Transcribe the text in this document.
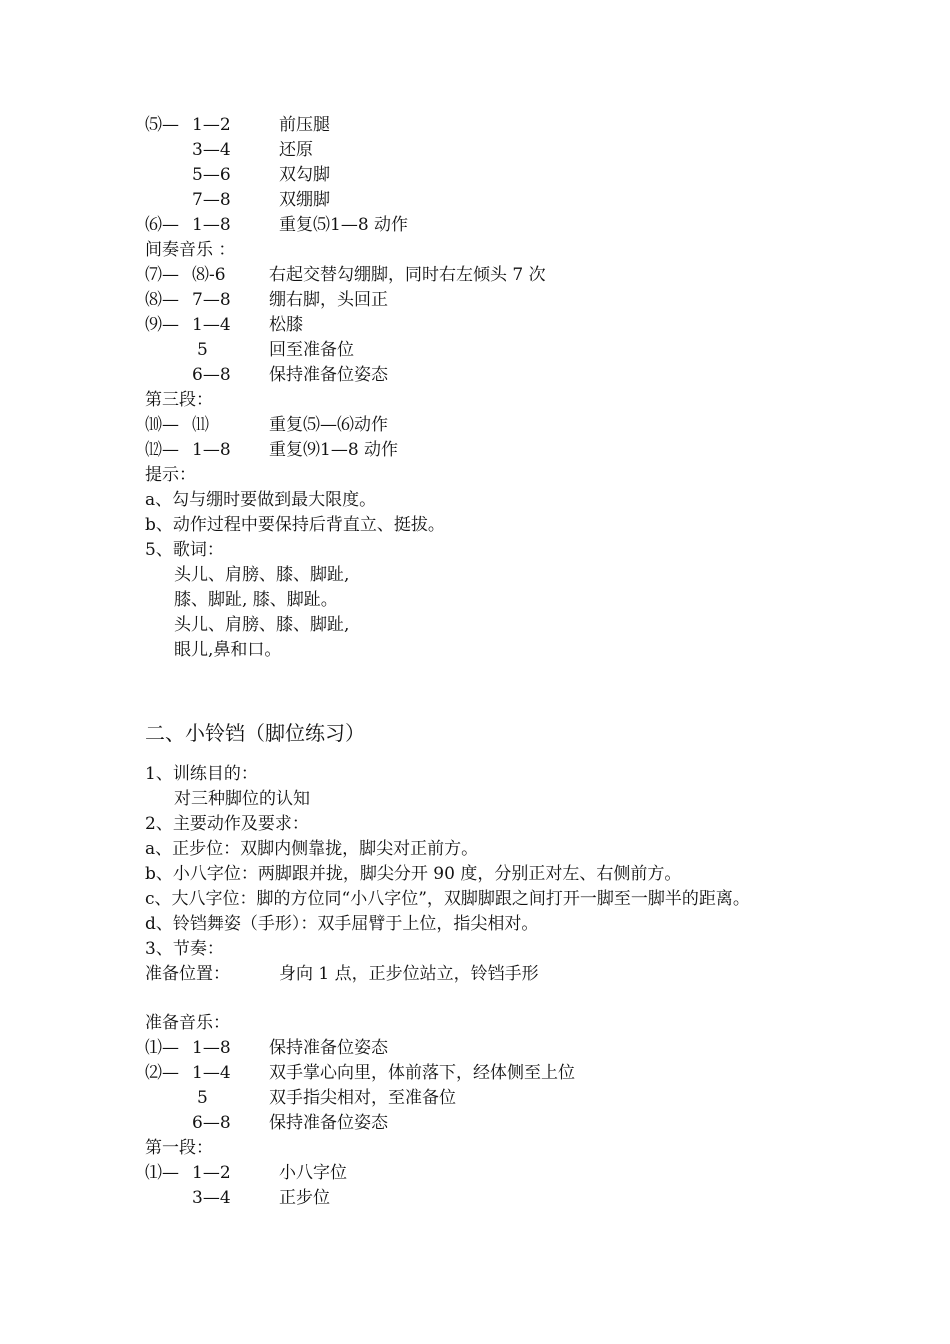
⑸— 1—2	前压腿
3—4	还原
5—6	双勾脚
7—8	双绷脚
⑹— 1—8	重复⑸1—8 动作
间奏音乐 ：
⑺— ⑻-6	右起交替勾绷脚，同时右左倾头 7 次
⑻— 7—8 绷右脚，头回正
⑼— 1—4 松膝
5	回至准备位
6—8 保持准备位姿态
第三段：
⑽— ⑾	重复⑸—⑹动作
⑿— 1—8 重复⑼1—8 动作
提示：
a、勾与绷时要做到最大限度。
b、动作过程中要保持后背直立、挺拔。
5、歌词：
头儿、肩膀、膝、脚趾,
膝、脚趾, 膝、脚趾。
头儿、肩膀、膝、脚趾,
眼儿,鼻和口。
二、小铃铛（脚位练习）
1、训练目的：
对三种脚位的认知
2、主要动作及要求：
a、正步位：双脚内侧靠拢，脚尖对正前方。
b、小八字位：两脚跟并拢，脚尖分开 90 度，分别正对左、右侧前方。
c、大八字位：脚的方位同“小八字位”，双脚脚跟之间打开一脚至一脚半的距离。
d、铃铛舞姿（手形）：双手屈臂于上位，指尖相对。
3、节奏：
准备位置：	身向 1 点，正步位站立，铃铛手形
准备音乐：
⑴— 1—8 保持准备位姿态
⑵— 1—4 双手掌心向里，体前落下，经体侧至上位
5	双手指尖相对，至准备位
6—8 保持准备位姿态
第一段：
⑴— 1—2	小八字位
3—4	正步位
